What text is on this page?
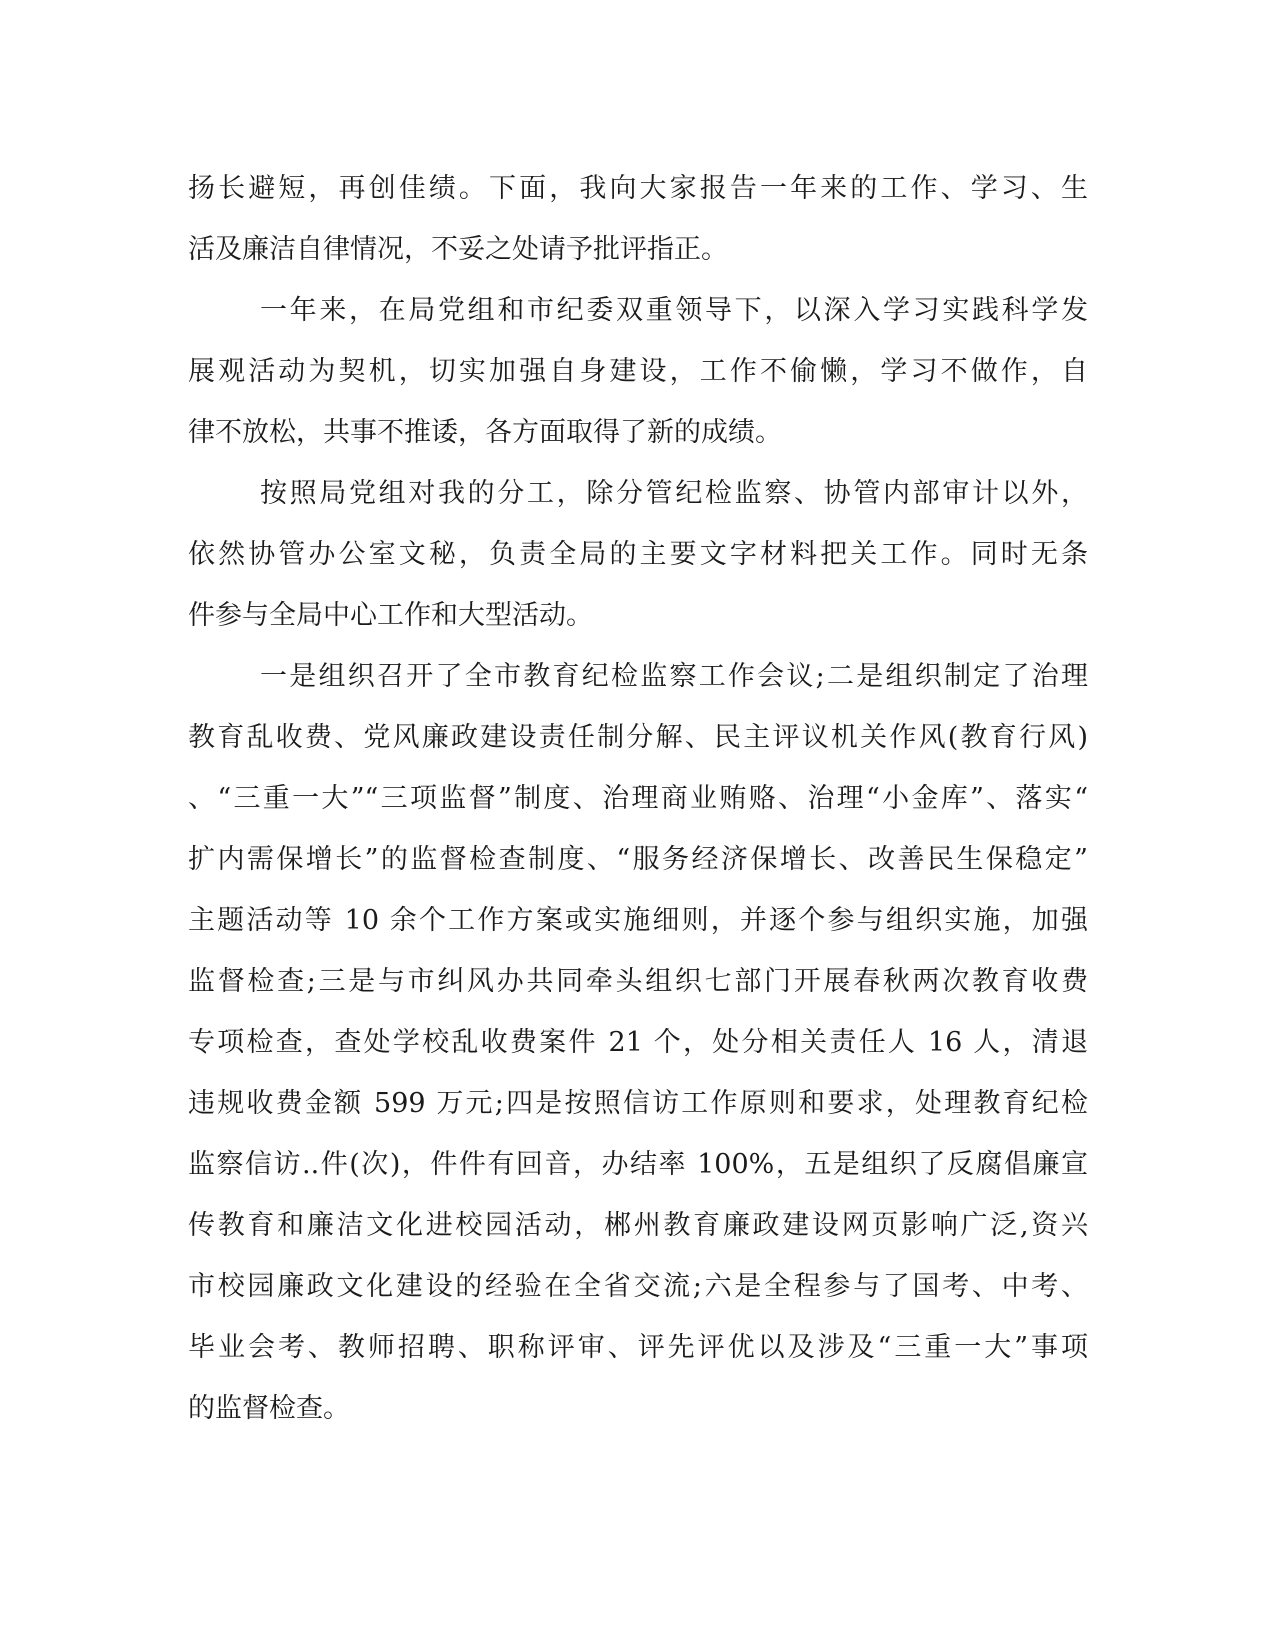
扬长避短，再创佳绩。下面，我向大家报告一年来的工作、学习、生
活及廉洁自律情况，不妥之处请予批评指正。
一年来，在局党组和市纪委双重领导下，以深入学习实践科学发
展观活动为契机，切实加强自身建设，工作不偷懒，学习不做作，自
律不放松，共事不推诿，各方面取得了新的成绩。
按照局党组对我的分工，除分管纪检监察、协管内部审计以外，
依然协管办公室文秘，负责全局的主要文字材料把关工作。同时无条
件参与全局中心工作和大型活动。
一是组织召开了全市教育纪检监察工作会议;二是组织制定了治理
教育乱收费、党风廉政建设责任制分解、民主评议机关作风(教育行风)
、“三重一大”“三项监督”制度、治理商业贿赂、治理“小金库”、落实“
扩内需保增长”的监督检查制度、“服务经济保增长、改善民生保稳定”
主题活动等 10 余个工作方案或实施细则，并逐个参与组织实施，加强
监督检查;三是与市纠风办共同牵头组织七部门开展春秋两次教育收费
专项检查，查处学校乱收费案件 21 个，处分相关责任人 16 人，清退
违规收费金额 599 万元;四是按照信访工作原则和要求，处理教育纪检
监察信访..件(次)，件件有回音，办结率 100%，五是组织了反腐倡廉宣
传教育和廉洁文化进校园活动，郴州教育廉政建设网页影响广泛,资兴
市校园廉政文化建设的经验在全省交流;六是全程参与了国考、中考、
毕业会考、教师招聘、职称评审、评先评优以及涉及“三重一大”事项
的监督检查。
